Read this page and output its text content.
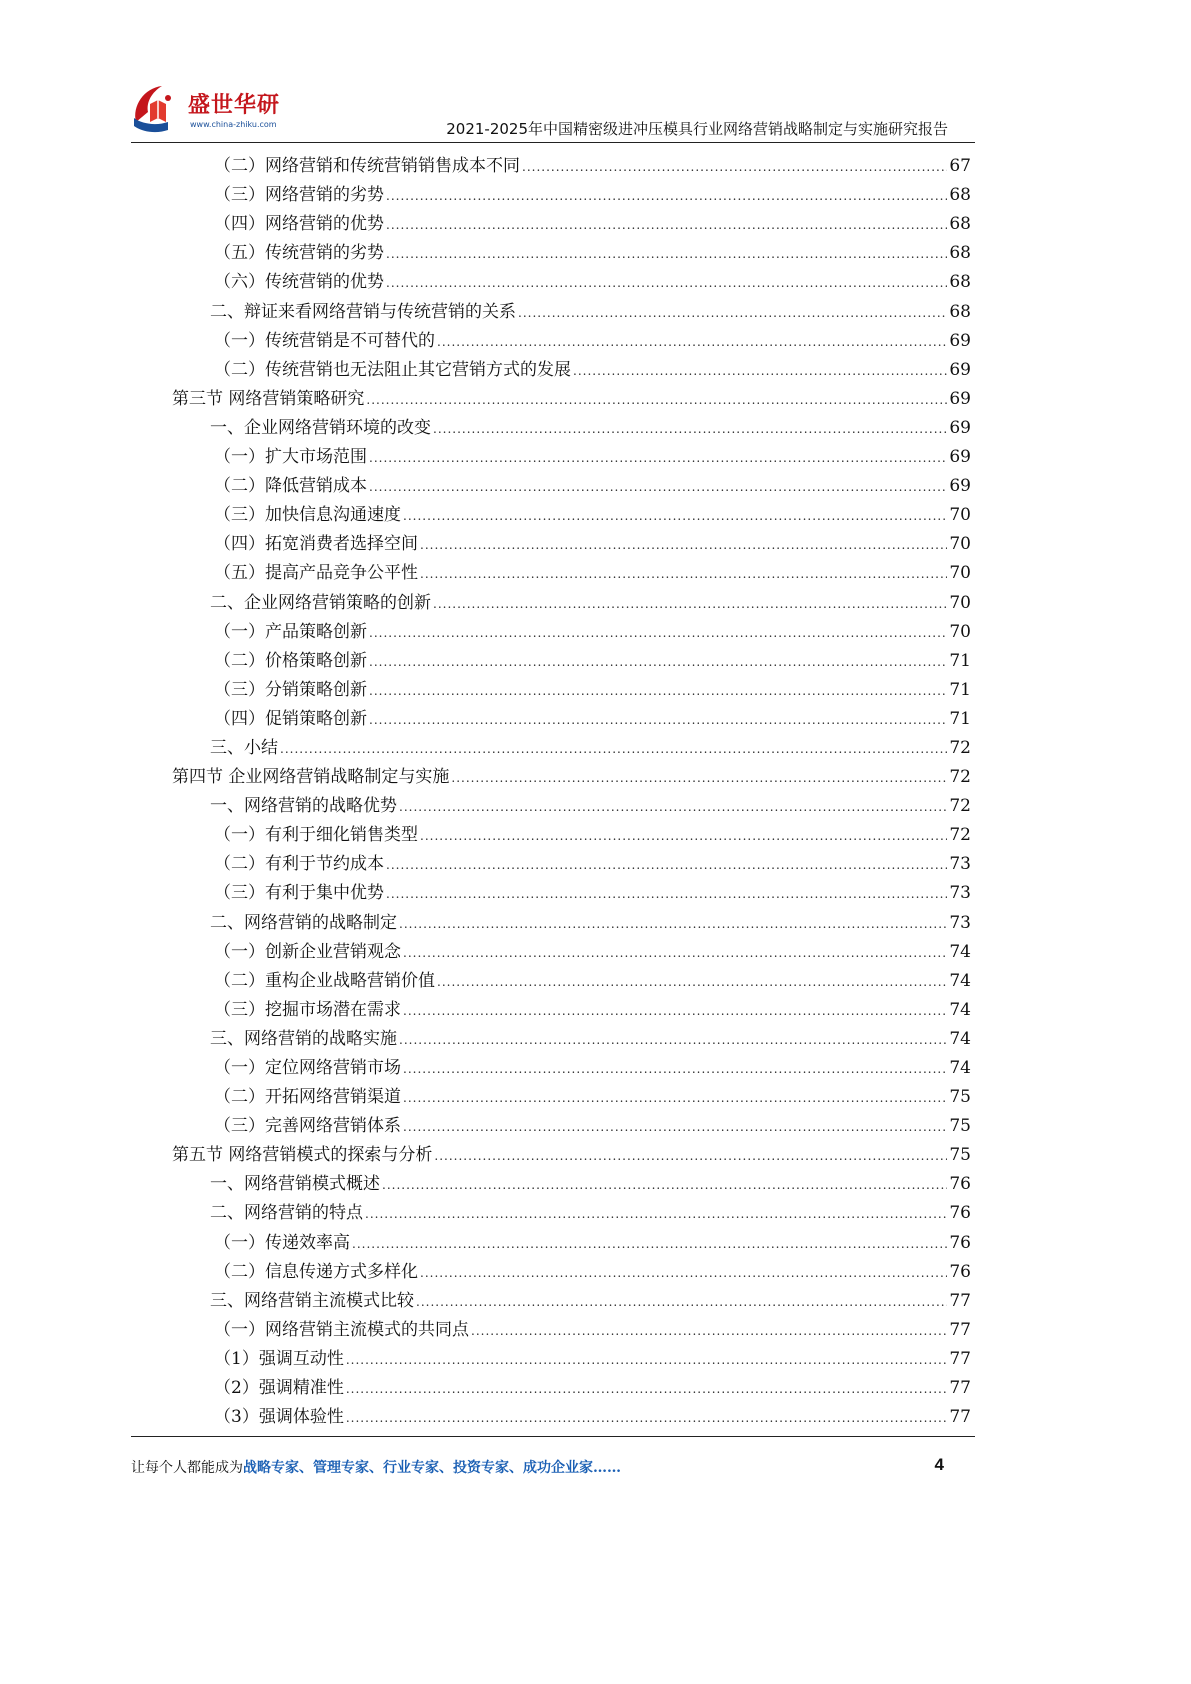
盛世华研
www.china-zhiku.com	2021-2025年中国精密级进冲压模具行业网络营销战略制定与实施研究报告
（二）网络营销和传统营销销售成本不同 .....	67
（三）网络营销的劣势 .....	68
（四）网络营销的优势 .....	68
（五）传统营销的劣势 .....	68
（六）传统营销的优势 .....	68
二、辩证来看网络营销与传统营销的关系 .....	68
（一）传统营销是不可替代的 .....	69
（二）传统营销也无法阻止其它营销方式的发展 .....	69
第三节 网络营销策略研究 .....	69
一、企业网络营销环境的改变 .....	69
（一）扩大市场范围 .....	69
（二）降低营销成本 .....	69
（三）加快信息沟通速度 .....	70
（四）拓宽消费者选择空间 .....	70
（五）提高产品竞争公平性 .....	70
二、企业网络营销策略的创新 .....	70
（一）产品策略创新 .....	70
（二）价格策略创新 .....	71
（三）分销策略创新 .....	71
（四）促销策略创新 .....	71
三、小结 .....	72
第四节 企业网络营销战略制定与实施 .....	72
一、网络营销的战略优势 .....	72
（一）有利于细化销售类型 .....	72
（二）有利于节约成本 .....	73
（三）有利于集中优势 .....	73
二、网络营销的战略制定 .....	73
（一）创新企业营销观念 .....	74
（二）重构企业战略营销价值 .....	74
（三）挖掘市场潜在需求 .....	74
三、网络营销的战略实施 .....	74
（一）定位网络营销市场 .....	74
（二）开拓网络营销渠道 .....	75
（三）完善网络营销体系 .....	75
第五节 网络营销模式的探索与分析 .....	75
一、网络营销模式概述 .....	76
二、网络营销的特点 .....	76
（一）传递效率高 .....	76
（二）信息传递方式多样化 .....	76
三、网络营销主流模式比较 .....	77
（一）网络营销主流模式的共同点 .....	77
（1）强调互动性 .....	77
（2）强调精准性 .....	77
（3）强调体验性 .....	77
让每个人都能成为战略专家、管理专家、行业专家、投资专家、成功企业家……	4
